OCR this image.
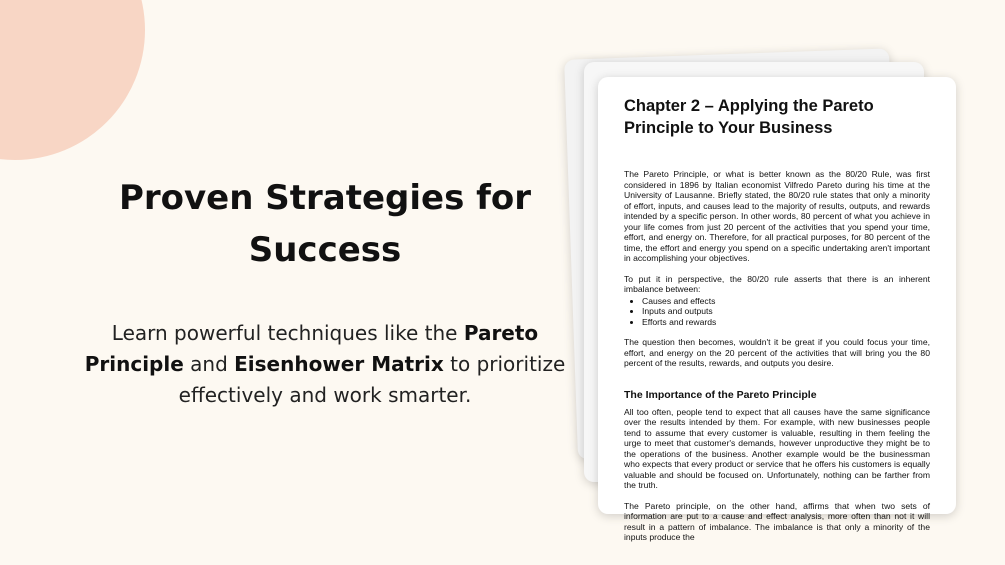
Proven Strategies for Success
Learn powerful techniques like the Pareto Principle and Eisenhower Matrix to prioritize effectively and work smarter.
Chapter 2 – Applying the Pareto Principle to Your Business

The Pareto Principle, or what is better known as the 80/20 Rule, was first considered in 1896 by Italian economist Vilfredo Pareto during his time at the University of Lausanne. Briefly stated, the 80/20 rule states that only a minority of effort, inputs, and causes lead to the majority of results, outputs, and rewards intended by a specific person. In other words, 80 percent of what you achieve in your life comes from just 20 percent of the activities that you spend your time, effort, and energy on. Therefore, for all practical purposes, for 80 percent of the time, the effort and energy you spend on a specific undertaking aren't important in accomplishing your objectives.

To put it in perspective, the 80/20 rule asserts that there is an inherent imbalance between:

• Causes and effects
• Inputs and outputs
• Efforts and rewards

The question then becomes, wouldn't it be great if you could focus your time, effort, and energy on the 20 percent of the activities that will bring you the 80 percent of the results, rewards, and outputs you desire.

The Importance of the Pareto Principle

All too often, people tend to expect that all causes have the same significance over the results intended by them. For example, with new businesses people tend to assume that every customer is valuable, resulting in them feeling the urge to meet that customer's demands, however unproductive they might be to the operations of the business. Another example would be the businessman who expects that every product or service that he offers his customers is equally valuable and should be focused on. Unfortunately, nothing can be farther from the truth.

The Pareto principle, on the other hand, affirms that when two sets of information are put to a cause and effect analysis, more often than not it will result in a pattern of imbalance. The imbalance is that only a minority of the inputs produce the
